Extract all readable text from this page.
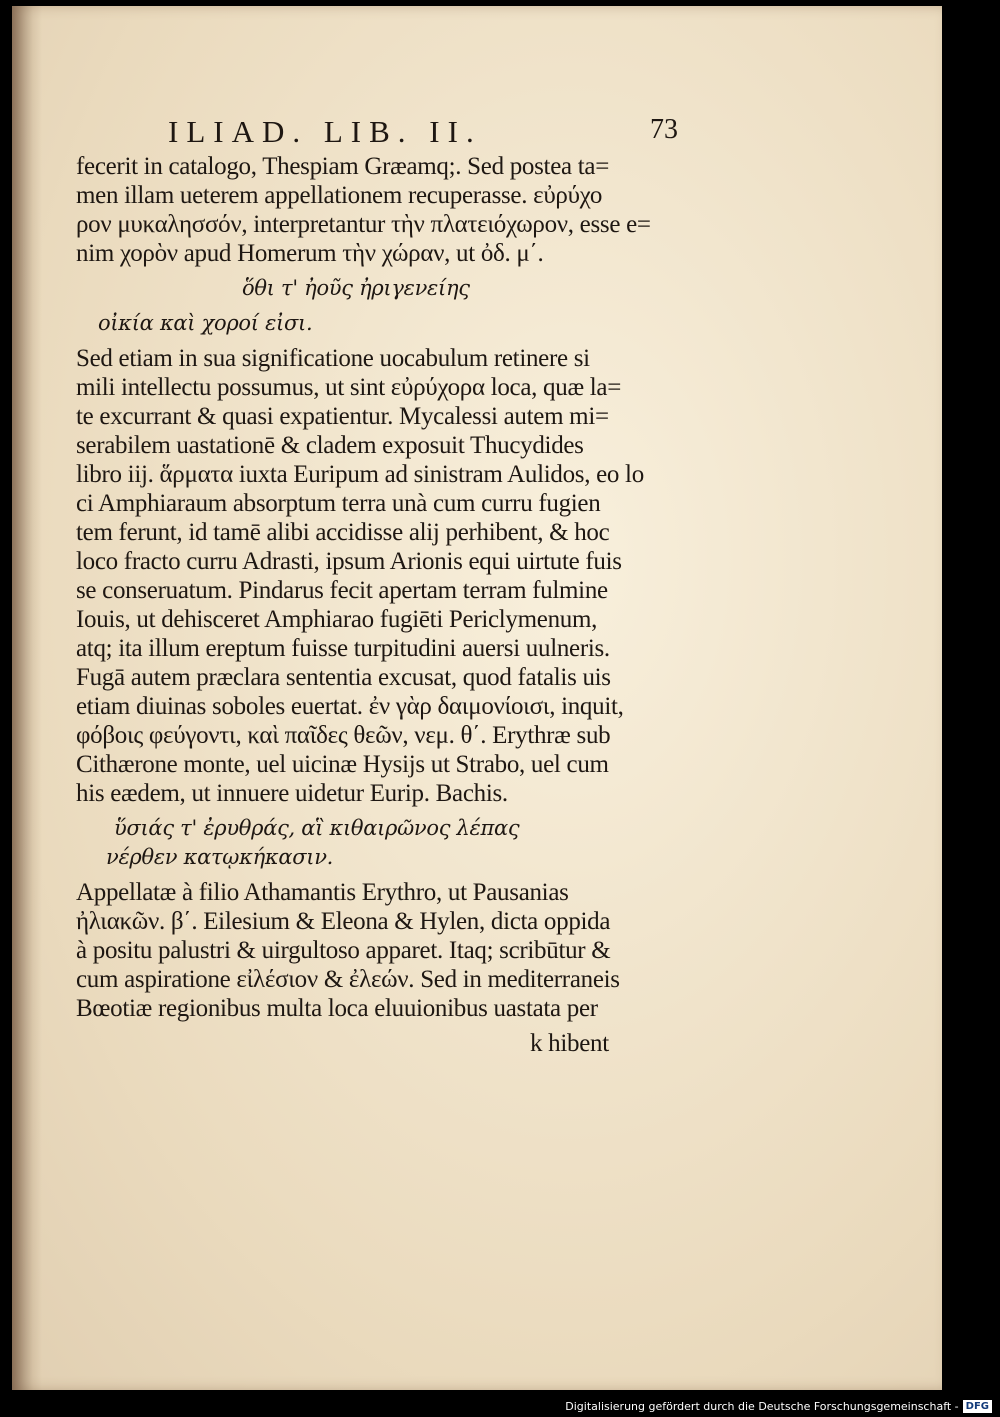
ILIAD. LIB. II.	73
fecerit in catalogo, Thespiam Græamq;. Sed postea ta=
men illam ueterem appellationem recuperasse. εὐρύχο
ρον μυκαλησσόν, interpretantur τὴν πλατειόχωρον, esse e=
nim χορὸν apud Homerum τὴν χώραν, ut ὀδ. μ΄.
ὅθι τ' ἠοῦς ἠριγενείης
οἰκία καὶ χοροί εἰσι.
Sed etiam in sua significatione uocabulum retinere si
mili intellectu possumus, ut sint εὐρύχορα loca, quæ la=
te excurrant & quasi expatientur. Mycalessi autem mi=
serabilem uastationē & cladem exposuit Thucydides
libro iij. ἅρματα iuxta Euripum ad sinistram Aulidos, eo lo
ci Amphiaraum absorptum terra unà cum curru fugien
tem ferunt, id tamē alibi accidisse alij perhibent, & hoc
loco fracto curru Adrasti, ipsum Arionis equi uirtute fuis
se conseruatum. Pindarus fecit apertam terram fulmine
Iouis, ut dehisceret Amphiarao fugiēti Periclymenum,
atq; ita illum ereptum fuisse turpitudini auersi uulneris.
Fugā autem præclara sententia excusat, quod fatalis uis
etiam diuinas soboles euertat. ἐν γὰρ δαιμονίοισι, inquit,
φόβοις φεύγοντι, καὶ παῖδες θεῶν, νεμ. θ΄. Erythræ sub
Cithærone monte, uel uicinæ Hysijs ut Strabo, uel cum
his eædem, ut innuere uidetur Eurip. Bachis.
ὕσιάς τ' ἐρυθράς, αἳ κιθαιρῶνος λέπας
νέρθεν κατῳκήκασιν.
Appellatæ à filio Athamantis Erythro, ut Pausanias
ἠλιακῶν. β΄. Eilesium & Eleona & Hylen, dicta oppida
à positu palustri & uirgultoso apparet. Itaq; scribūtur &
cum aspiratione εἰλέσιον & ἐλεών. Sed in mediterraneis
Bœotiæ regionibus multa loca eluuionibus uastata per
k hibent
Digitalisierung gefördert durch die Deutsche Forschungsgemeinschaft - DFG
